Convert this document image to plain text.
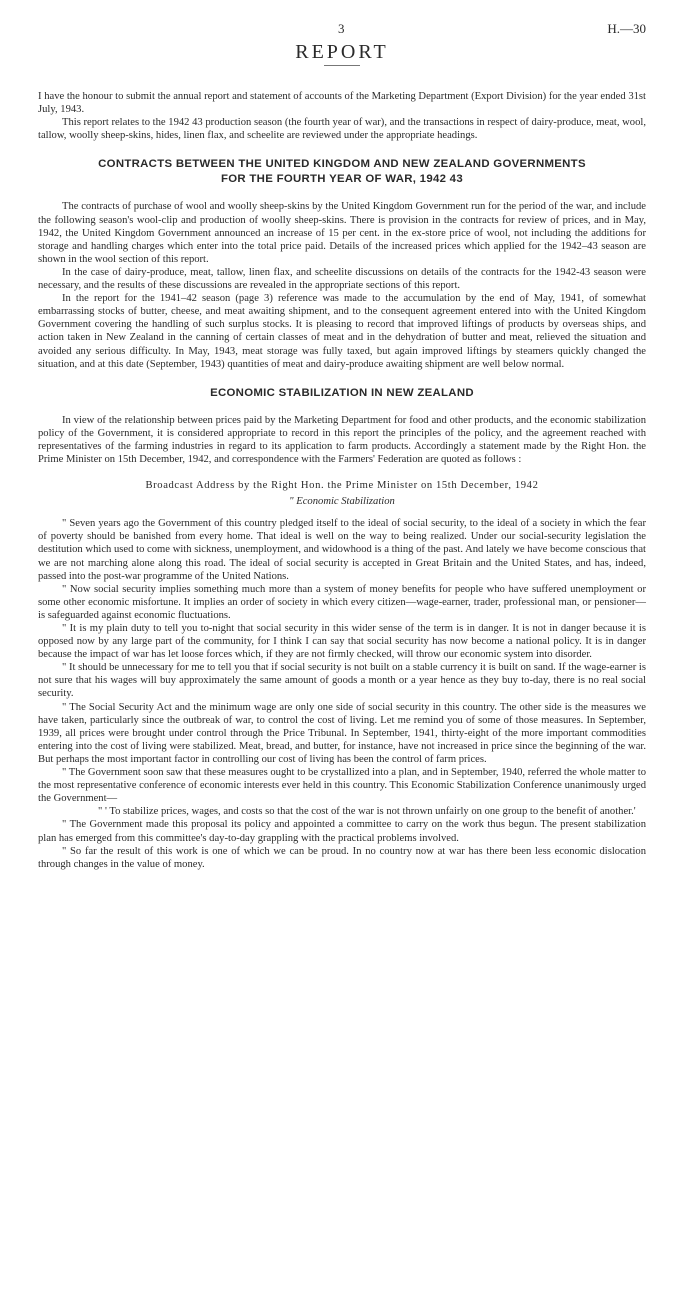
3	H.—30
REPORT

I have the honour to submit the annual report and statement of accounts of the Marketing Department (Export Division) for the year ended 31st July, 1943.

This report relates to the 1942 43 production season (the fourth year of war), and the transactions in respect of dairy-produce, meat, wool, tallow, woolly sheep-skins, hides, linen flax, and scheelite are reviewed under the appropriate headings.

CONTRACTS BETWEEN THE UNITED KINGDOM AND NEW ZEALAND GOVERNMENTS
FOR THE FOURTH YEAR OF WAR, 1942 43

The contracts of purchase of wool and woolly sheep-skins by the United Kingdom Government run for the period of the war, and include the following season's wool-clip and production of woolly sheep-skins. There is provision in the contracts for review of prices, and in May, 1942, the United Kingdom Government announced an increase of 15 per cent. in the ex-store price of wool, not including the additions for storage and handling charges which enter into the total price paid. Details of the increased prices which applied for the 1942–43 season are shown in the wool section of this report.

In the case of dairy-produce, meat, tallow, linen flax, and scheelite discussions on details of the contracts for the 1942-43 season were necessary, and the results of these discussions are revealed in the appropriate sections of this report.

In the report for the 1941–42 season (page 3) reference was made to the accumulation by the end of May, 1941, of somewhat embarrassing stocks of butter, cheese, and meat awaiting shipment, and to the consequent agreement entered into with the United Kingdom Government covering the handling of such surplus stocks. It is pleasing to record that improved liftings of products by overseas ships, and action taken in New Zealand in the canning of certain classes of meat and in the dehydration of butter and meat, relieved the situation and avoided any serious difficulty. In May, 1943, meat storage was fully taxed, but again improved liftings by steamers quickly changed the situation, and at this date (September, 1943) quantities of meat and dairy-produce awaiting shipment are well below normal.

ECONOMIC STABILIZATION IN NEW ZEALAND

In view of the relationship between prices paid by the Marketing Department for food and other products, and the economic stabilization policy of the Government, it is considered appropriate to record in this report the principles of the policy, and the agreement reached with representatives of the farming industries in regard to its application to farm products. Accordingly a statement made by the Right Hon. the Prime Minister on 15th December, 1942, and correspondence with the Farmers' Federation are quoted as follows :

Broadcast Address by the Right Hon. the Prime Minister on 15th December, 1942
" Economic Stabilization

" Seven years ago the Government of this country pledged itself to the ideal of social security, to the ideal of a society in which the fear of poverty should be banished from every home. That ideal is well on the way to being realized. Under our social-security legislation the destitution which used to come with sickness, unemployment, and widowhood is a thing of the past. And lately we have become conscious that we are not marching alone along this road. The ideal of social security is accepted in Great Britain and the United States, and has, indeed, passed into the post-war programme of the United Nations.

" Now social security implies something much more than a system of money benefits for people who have suffered unemployment or some other economic misfortune. It implies an order of society in which every citizen—wage-earner, trader, professional man, or pensioner—is safeguarded against economic fluctuations.

" It is my plain duty to tell you to-night that social security in this wider sense of the term is in danger. It is not in danger because it is opposed now by any large part of the community, for I think I can say that social security has now become a national policy. It is in danger because the impact of war has let loose forces which, if they are not firmly checked, will throw our economic system into disorder.

" It should be unnecessary for me to tell you that if social security is not built on a stable currency it is built on sand. If the wage-earner is not sure that his wages will buy approximately the same amount of goods a month or a year hence as they buy to-day, there is no real social security.

" The Social Security Act and the minimum wage are only one side of social security in this country. The other side is the measures we have taken, particularly since the outbreak of war, to control the cost of living. Let me remind you of some of those measures. In September, 1939, all prices were brought under control through the Price Tribunal. In September, 1941, thirty-eight of the more important commodities entering into the cost of living were stabilized. Meat, bread, and butter, for instance, have not increased in price since the beginning of the war. But perhaps the most important factor in controlling our cost of living has been the control of farm prices.

" The Government soon saw that these measures ought to be crystallized into a plan, and in September, 1940, referred the whole matter to the most representative conference of economic interests ever held in this country. This Economic Stabilization Conference unanimously urged the Government—

" ' To stabilize prices, wages, and costs so that the cost of the war is not thrown unfairly on one group to the benefit of another.'

" The Government made this proposal its policy and appointed a committee to carry on the work thus begun. The present stabilization plan has emerged from this committee's day-to-day grappling with the practical problems involved.

" So far the result of this work is one of which we can be proud. In no country now at war has there been less economic dislocation through changes in the value of money.
